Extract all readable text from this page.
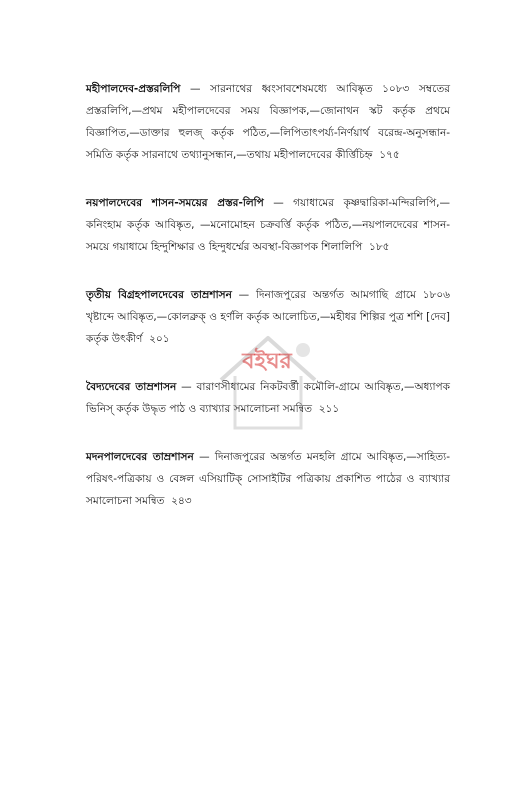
মহীপালদেব-প্রস্তরলিপি — সারনাথের ধ্বংসাবশেষমধ্যে আবিষ্কৃত ১০৮৩ সম্বতের প্রস্তরলিপি,—প্রথম মহীপালদেবের সময় বিজ্ঞাপক,—জোনাথন স্কট কর্তৃক প্রথমে বিজ্ঞাপিত,—ডাক্তার হুলজ্ কর্তৃক পঠিত,—লিপিতাৎপর্য্য-নির্ণয়ার্থ বরেন্দ্র-অনুসন্ধান-সমিতি কর্তৃক সারনাথে তথ্যানুসন্ধান,—তথায় মহীপালদেবের কীর্ত্তিচিহ্ন ১৭৫

নয়পালদেবের শাসন-সময়ের প্রস্তর-লিপি — গয়াধামের কৃষ্ণদ্বারিকা-মন্দিরলিপি,—কনিংহাম কর্তৃক আবিষ্কৃত, —মনোমোহন চক্রবর্ত্তি কর্তৃক পঠিত,—নয়পালদেবের শাসন-সময়ে গয়াধামে হিন্দুশিক্ষার ও হিন্দুধর্ম্মের অবস্থা-বিজ্ঞাপক শিলালিপি ১৮৫

তৃতীয় বিগ্রহপালদেবের তাম্রশাসন — দিনাজপুরের অন্তর্গত আমগাছি গ্রামে ১৮০৬ খৃষ্টাব্দে আবিষ্কৃত,—কোলব্রুক্‌ ও হর্ণলি কর্তৃক আলোচিত,—মহীধর শিল্পির পুত্র শশি [দেব] কর্তৃক উৎকীর্ণ ২০১

বৈদ্যদেবের তাম্রশাসন — বারাণসীধামের নিকটবর্ত্তী কমৌলি-গ্রামে আবিষ্কৃত,—অধ্যাপক ভিনিস্‌ কর্তৃক উদ্ধৃত পাঠ ও ব্যাখ্যার সমালোচনা সমন্বিত ২১১

মদনপালদেবের তাম্রশাসন — দিনাজপুরের অন্তর্গত মনহলি গ্রামে আবিষ্কৃত,—সাহিত্য-পরিষৎ-পত্রিকায় ও বেঙ্গল এসিয়াটিক্‌ সোসাইটির পত্রিকায় প্রকাশিত পাঠের ও ব্যাখ্যার সমালোচনা সমন্বিত ২৪৩

বইঘর
